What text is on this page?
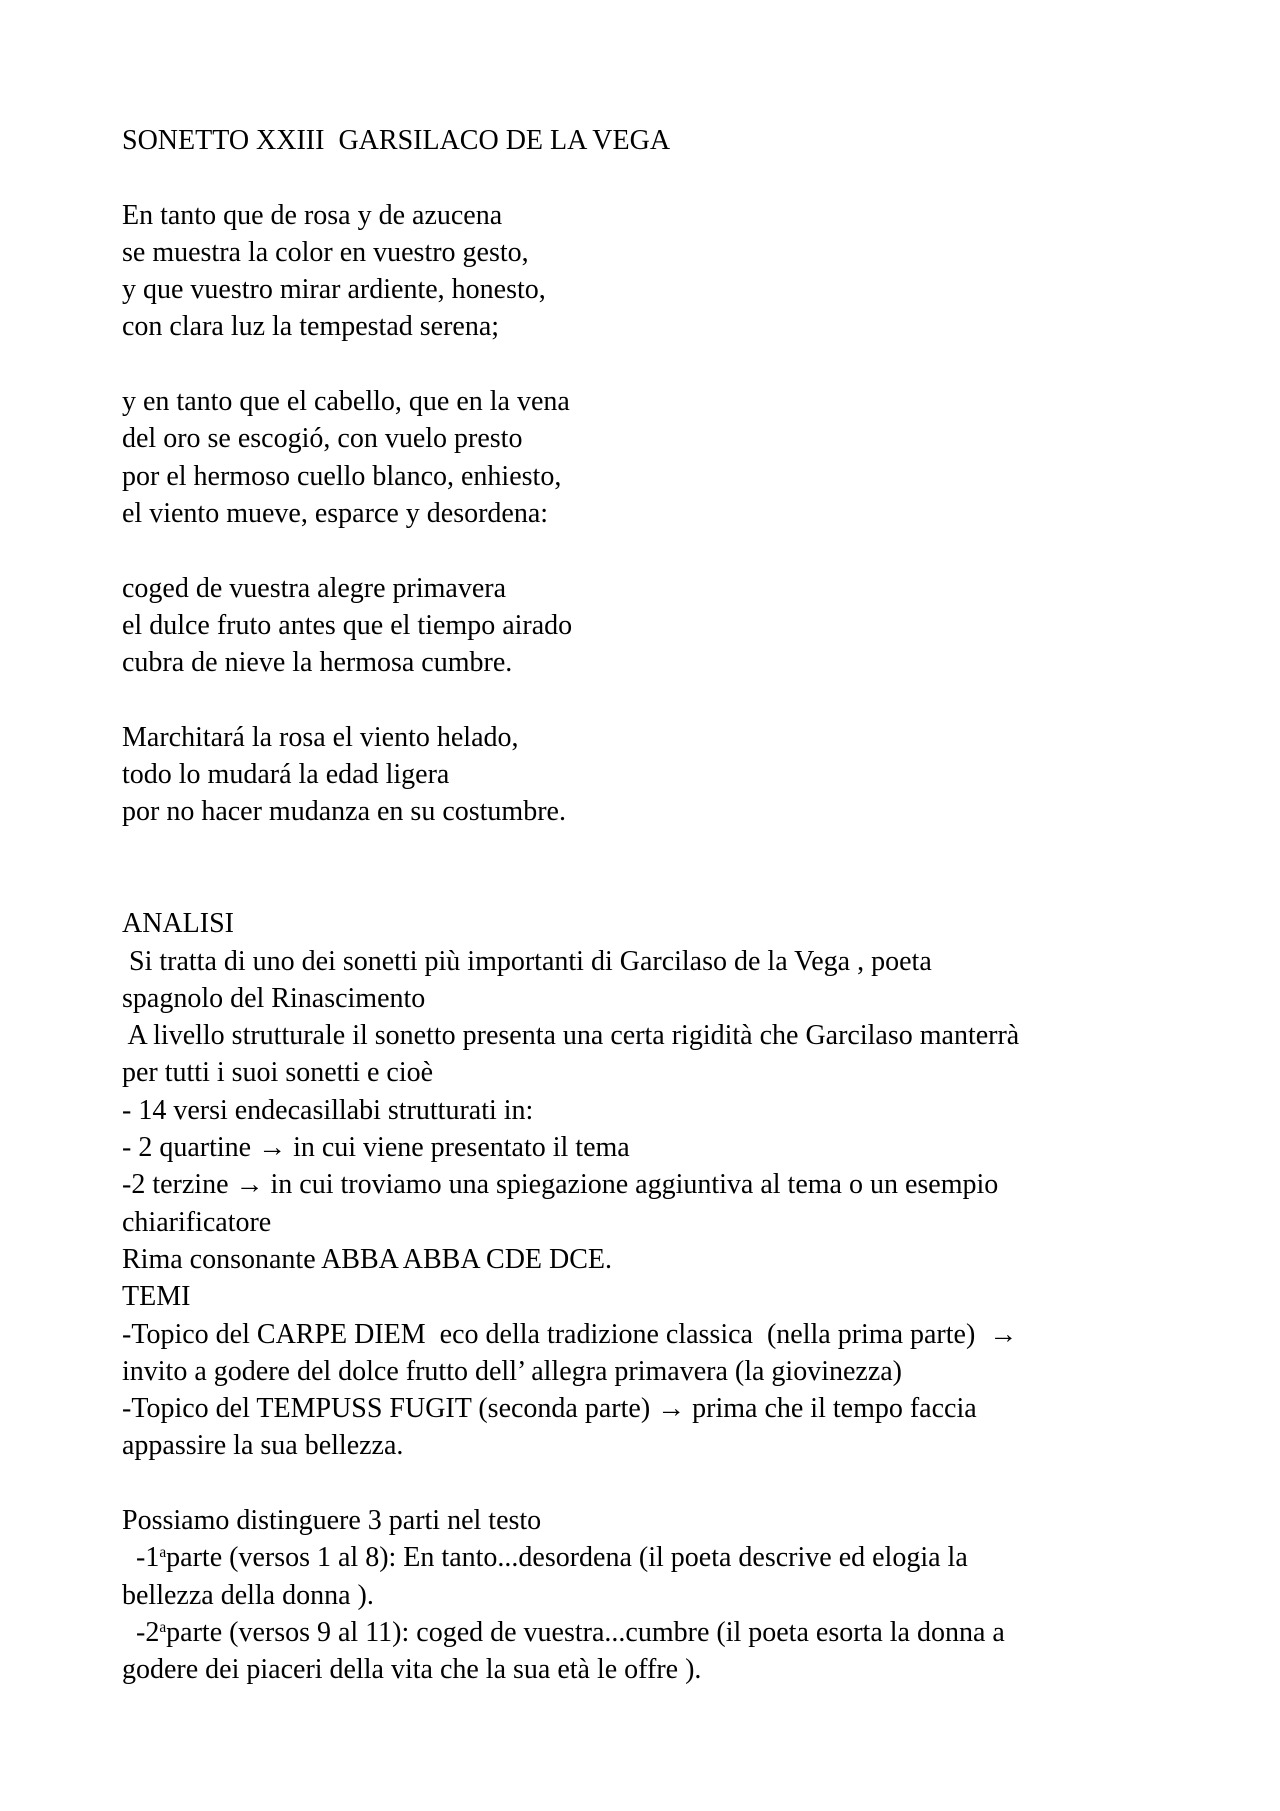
SONETTO XXIII  GARSILACO DE LA VEGA
En tanto que de rosa y de azucena
se muestra la color en vuestro gesto,
y que vuestro mirar ardiente, honesto,
con clara luz la tempestad serena;
y en tanto que el cabello, que en la vena
del oro se escogió, con vuelo presto
por el hermoso cuello blanco, enhiesto,
el viento mueve, esparce y desordena:
coged de vuestra alegre primavera
el dulce fruto antes que el tiempo airado
cubra de nieve la hermosa cumbre.
Marchitará la rosa el viento helado,
todo lo mudará la edad ligera
por no hacer mudanza en su costumbre.
ANALISI
Si tratta di uno dei sonetti più importanti di Garcilaso de la Vega , poeta
spagnolo del Rinascimento
A livello strutturale il sonetto presenta una certa rigidità che Garcilaso manterrà
per tutti i suoi sonetti e cioè
- 14 versi endecasillabi strutturati in:
- 2 quartine → in cui viene presentato il tema
-2 terzine → in cui troviamo una spiegazione aggiuntiva al tema o un esempio
chiarificatore
Rima consonante ABBA ABBA CDE DCE.
TEMI
-Topico del CARPE DIEM  eco della tradizione classica  (nella prima parte)  →
invito a godere del dolce frutto dell’ allegra primavera (la giovinezza)
-Topico del TEMPUSS FUGIT (seconda parte) → prima che il tempo faccia
appassire la sua bellezza.
Possiamo distinguere 3 parti nel testo
-1$^a$parte (versos 1 al 8): En tanto...desordena (il poeta descrive ed elogia la
bellezza della donna ).
-2$^a$parte (versos 9 al 11): coged de vuestra...cumbre (il poeta esorta la donna a
godere dei piaceri della vita che la sua età le offre ).
